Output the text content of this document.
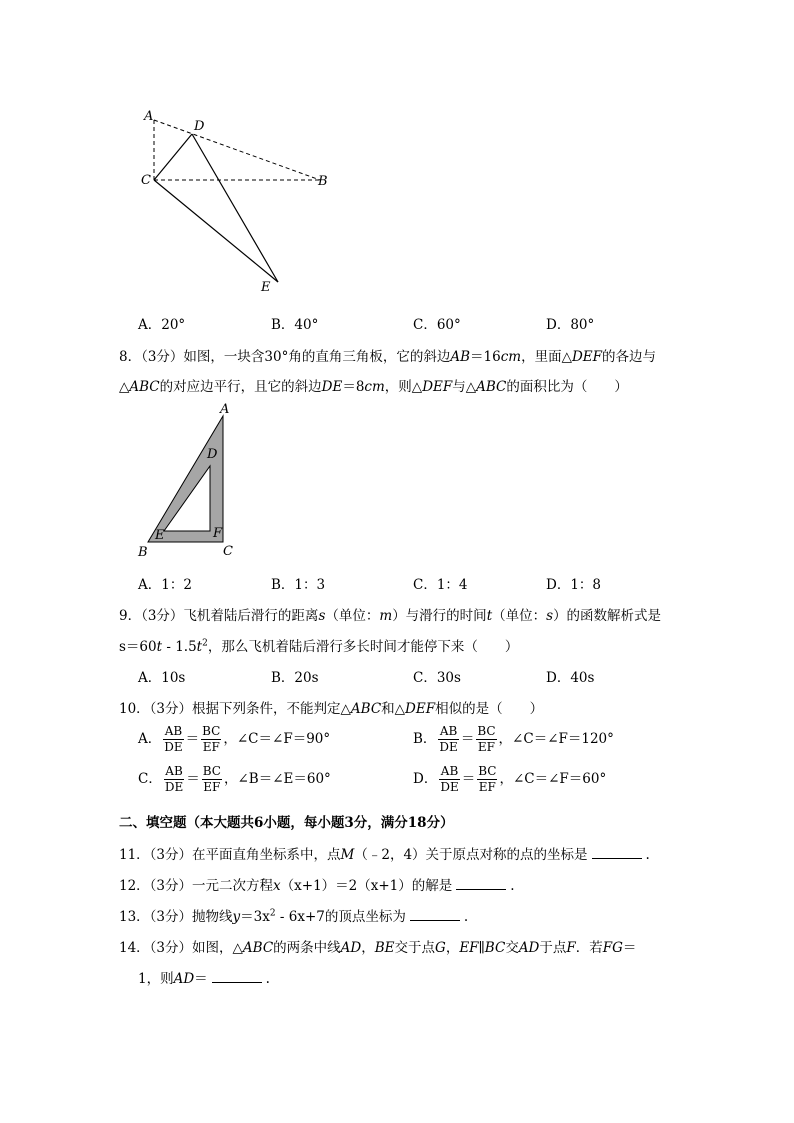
A
D
C	B
E
A．20°	B．40°	C．60°	D．80°
8．（3分）如图，一块含30°角的直角三角板，它的斜边AB＝16cm，里面△DEF的各边与
△ABC的对应边平行，且它的斜边DE＝8cm，则△DEF与△ABC的面积比为（　　）
A
D
E	F
B	C
A．1：2	B．1：3	C．1：4	D．1：8
9．（3分）飞机着陆后滑行的距离s（单位：m）与滑行的时间t（单位：s）的函数解析式是
$s=60t - 1.5t^2$，那么飞机着陆后滑行多长时间才能停下来（　　）
A．10s	B．20s	C．30s	D．40s
10．（3分）根据下列条件，不能判定△ABC和△DEF相似的是（　　）
A． $\frac{AB}{DE} = \frac{BC}{EF}$ ，∠C＝∠F＝90°	B． $\frac{AB}{DE} = \frac{BC}{EF}$ ，∠C＝∠F＝120°
C． $\frac{AB}{DE} = \frac{BC}{EF}$ ，∠B＝∠E＝60°	D． $\frac{AB}{DE} = \frac{BC}{EF}$ ，∠C＝∠F＝60°
二、填空题（本大题共6小题，每小题3分，满分18分）
11．（3分）在平面直角坐标系中，点M（﹣2，4）关于原点对称的点的坐标是	.
12．（3分）一元二次方程x（x+1）＝2（x+1）的解是	.
13．（3分）抛物线$y=3x^2 - 6x+7$的顶点坐标为	.
14．（3分）如图，△ABC的两条中线AD，BE交于点G，EF∥BC交AD于点F．若FG＝
1，则AD＝	.
